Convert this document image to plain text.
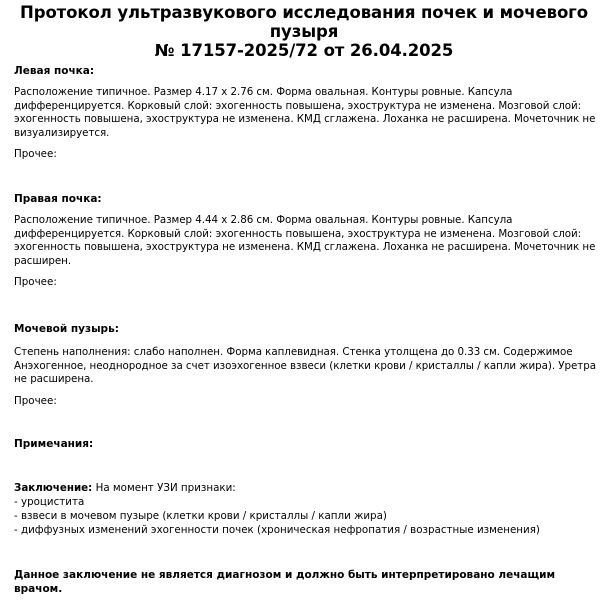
Протокол ультразвукового исследования почек и мочевого пузыря
№ 17157-2025/72 от 26.04.2025

Левая почка:

Расположение типичное. Размер 4.17 х 2.76 см. Форма овальная. Контуры ровные. Капсула дифференцируется. Корковый слой: эхогенность повышена, эхоструктура не изменена. Мозговой слой: эхогенность повышена, эхоструктура не изменена. КМД сглажена. Лоханка не расширена. Мочеточник не визуализируется.

Прочее:

Правая почка:

Расположение типичное. Размер 4.44 х 2.86 см. Форма овальная. Контуры ровные. Капсула дифференцируется. Корковый слой: эхогенность повышена, эхоструктура не изменена. Мозговой слой: эхогенность повышена, эхоструктура не изменена. КМД сглажена. Лоханка не расширена. Мочеточник не расширен.

Прочее:

Мочевой пузырь:

Степень наполнения: слабо наполнен. Форма каплевидная. Стенка утолщена до 0.33 см. Содержимое Анэхогенное, неоднородное за счет изоэхогенное взвеси (клетки крови / кристаллы / капли жира). Уретра не расширена.

Прочее:

Примечания:

Заключение: На момент УЗИ признаки:

- уроцистита

- взвеси в мочевом пузыре (клетки крови / кристаллы / капли жира)

- диффузных изменений эхогенности почек (хроническая нефропатия / возрастные изменения)

Данное заключение не является диагнозом и должно быть интерпретировано лечащим врачом.
